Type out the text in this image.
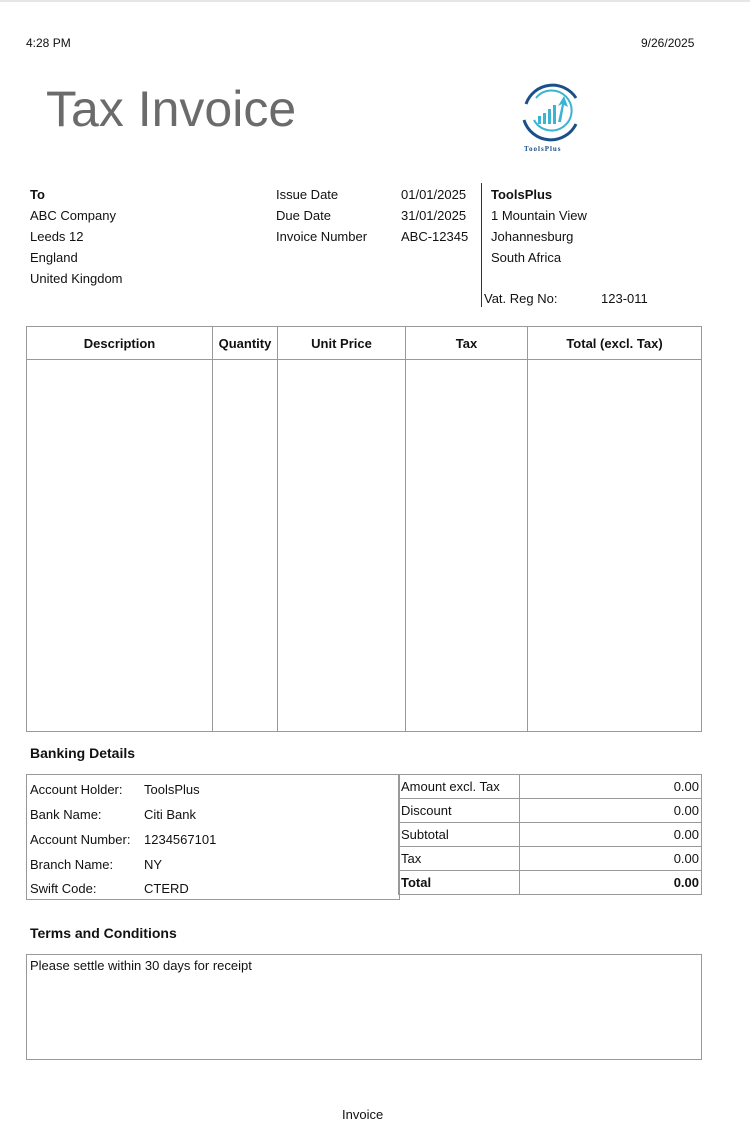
4:28 PM	9/26/2025
Tax Invoice
ToolsPlus
To
ABC Company
Leeds 12
England
United Kingdom
Issue Date	01/01/2025
Due Date	31/01/2025
Invoice Number	ABC-12345
ToolsPlus
1 Mountain View
Johannesburg
South Africa
Vat. Reg No:	123-011
Description	Quantity	Unit Price	Tax	Total (excl. Tax)

Banking Details
Account Holder:	ToolsPlus
Bank Name:	Citi Bank
Account Number:	1234567101
Branch Name:	NY
Swift Code:	CTERD
Amount excl. Tax	0.00
Discount	0.00
Subtotal	0.00
Tax	0.00
Total	0.00
Terms and Conditions
Please settle within 30 days for receipt
Invoice
